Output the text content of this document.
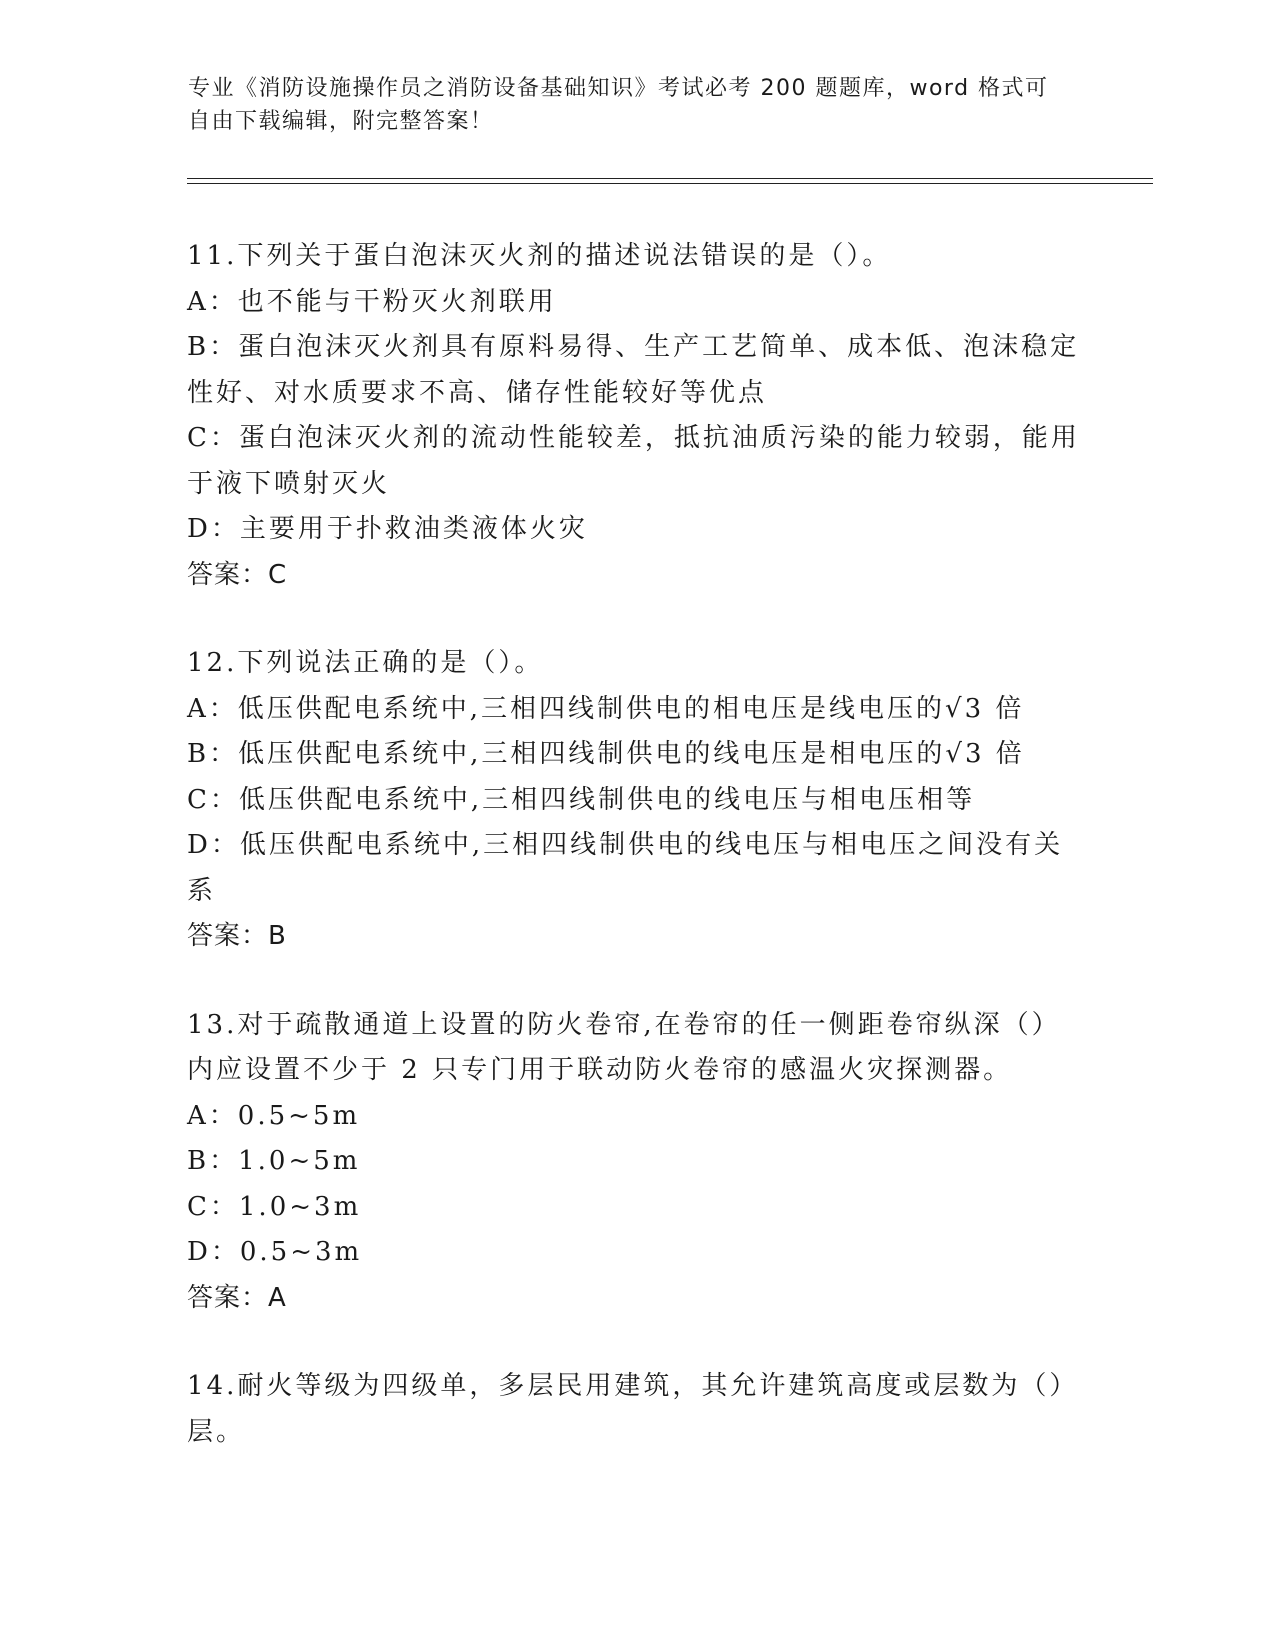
专业《消防设施操作员之消防设备基础知识》考试必考 200 题题库，word 格式可
自由下载编辑，附完整答案！
11.下列关于蛋白泡沫灭火剂的描述说法错误的是（）。
A：也不能与干粉灭火剂联用
B：蛋白泡沫灭火剂具有原料易得、生产工艺简单、成本低、泡沫稳定
性好、对水质要求不高、储存性能较好等优点
C：蛋白泡沫灭火剂的流动性能较差，抵抗油质污染的能力较弱，能用
于液下喷射灭火
D：主要用于扑救油类液体火灾
答案：C
12.下列说法正确的是（）。
A：低压供配电系统中,三相四线制供电的相电压是线电压的√3 倍
B：低压供配电系统中,三相四线制供电的线电压是相电压的√3 倍
C：低压供配电系统中,三相四线制供电的线电压与相电压相等
D：低压供配电系统中,三相四线制供电的线电压与相电压之间没有关
系
答案：B
13.对于疏散通道上设置的防火卷帘,在卷帘的任一侧距卷帘纵深（）
内应设置不少于 2 只专门用于联动防火卷帘的感温火灾探测器。
A：0.5~5m
B：1.0~5m
C：1.0~3m
D：0.5~3m
答案：A
14.耐火等级为四级单，多层民用建筑，其允许建筑高度或层数为（）
层。
